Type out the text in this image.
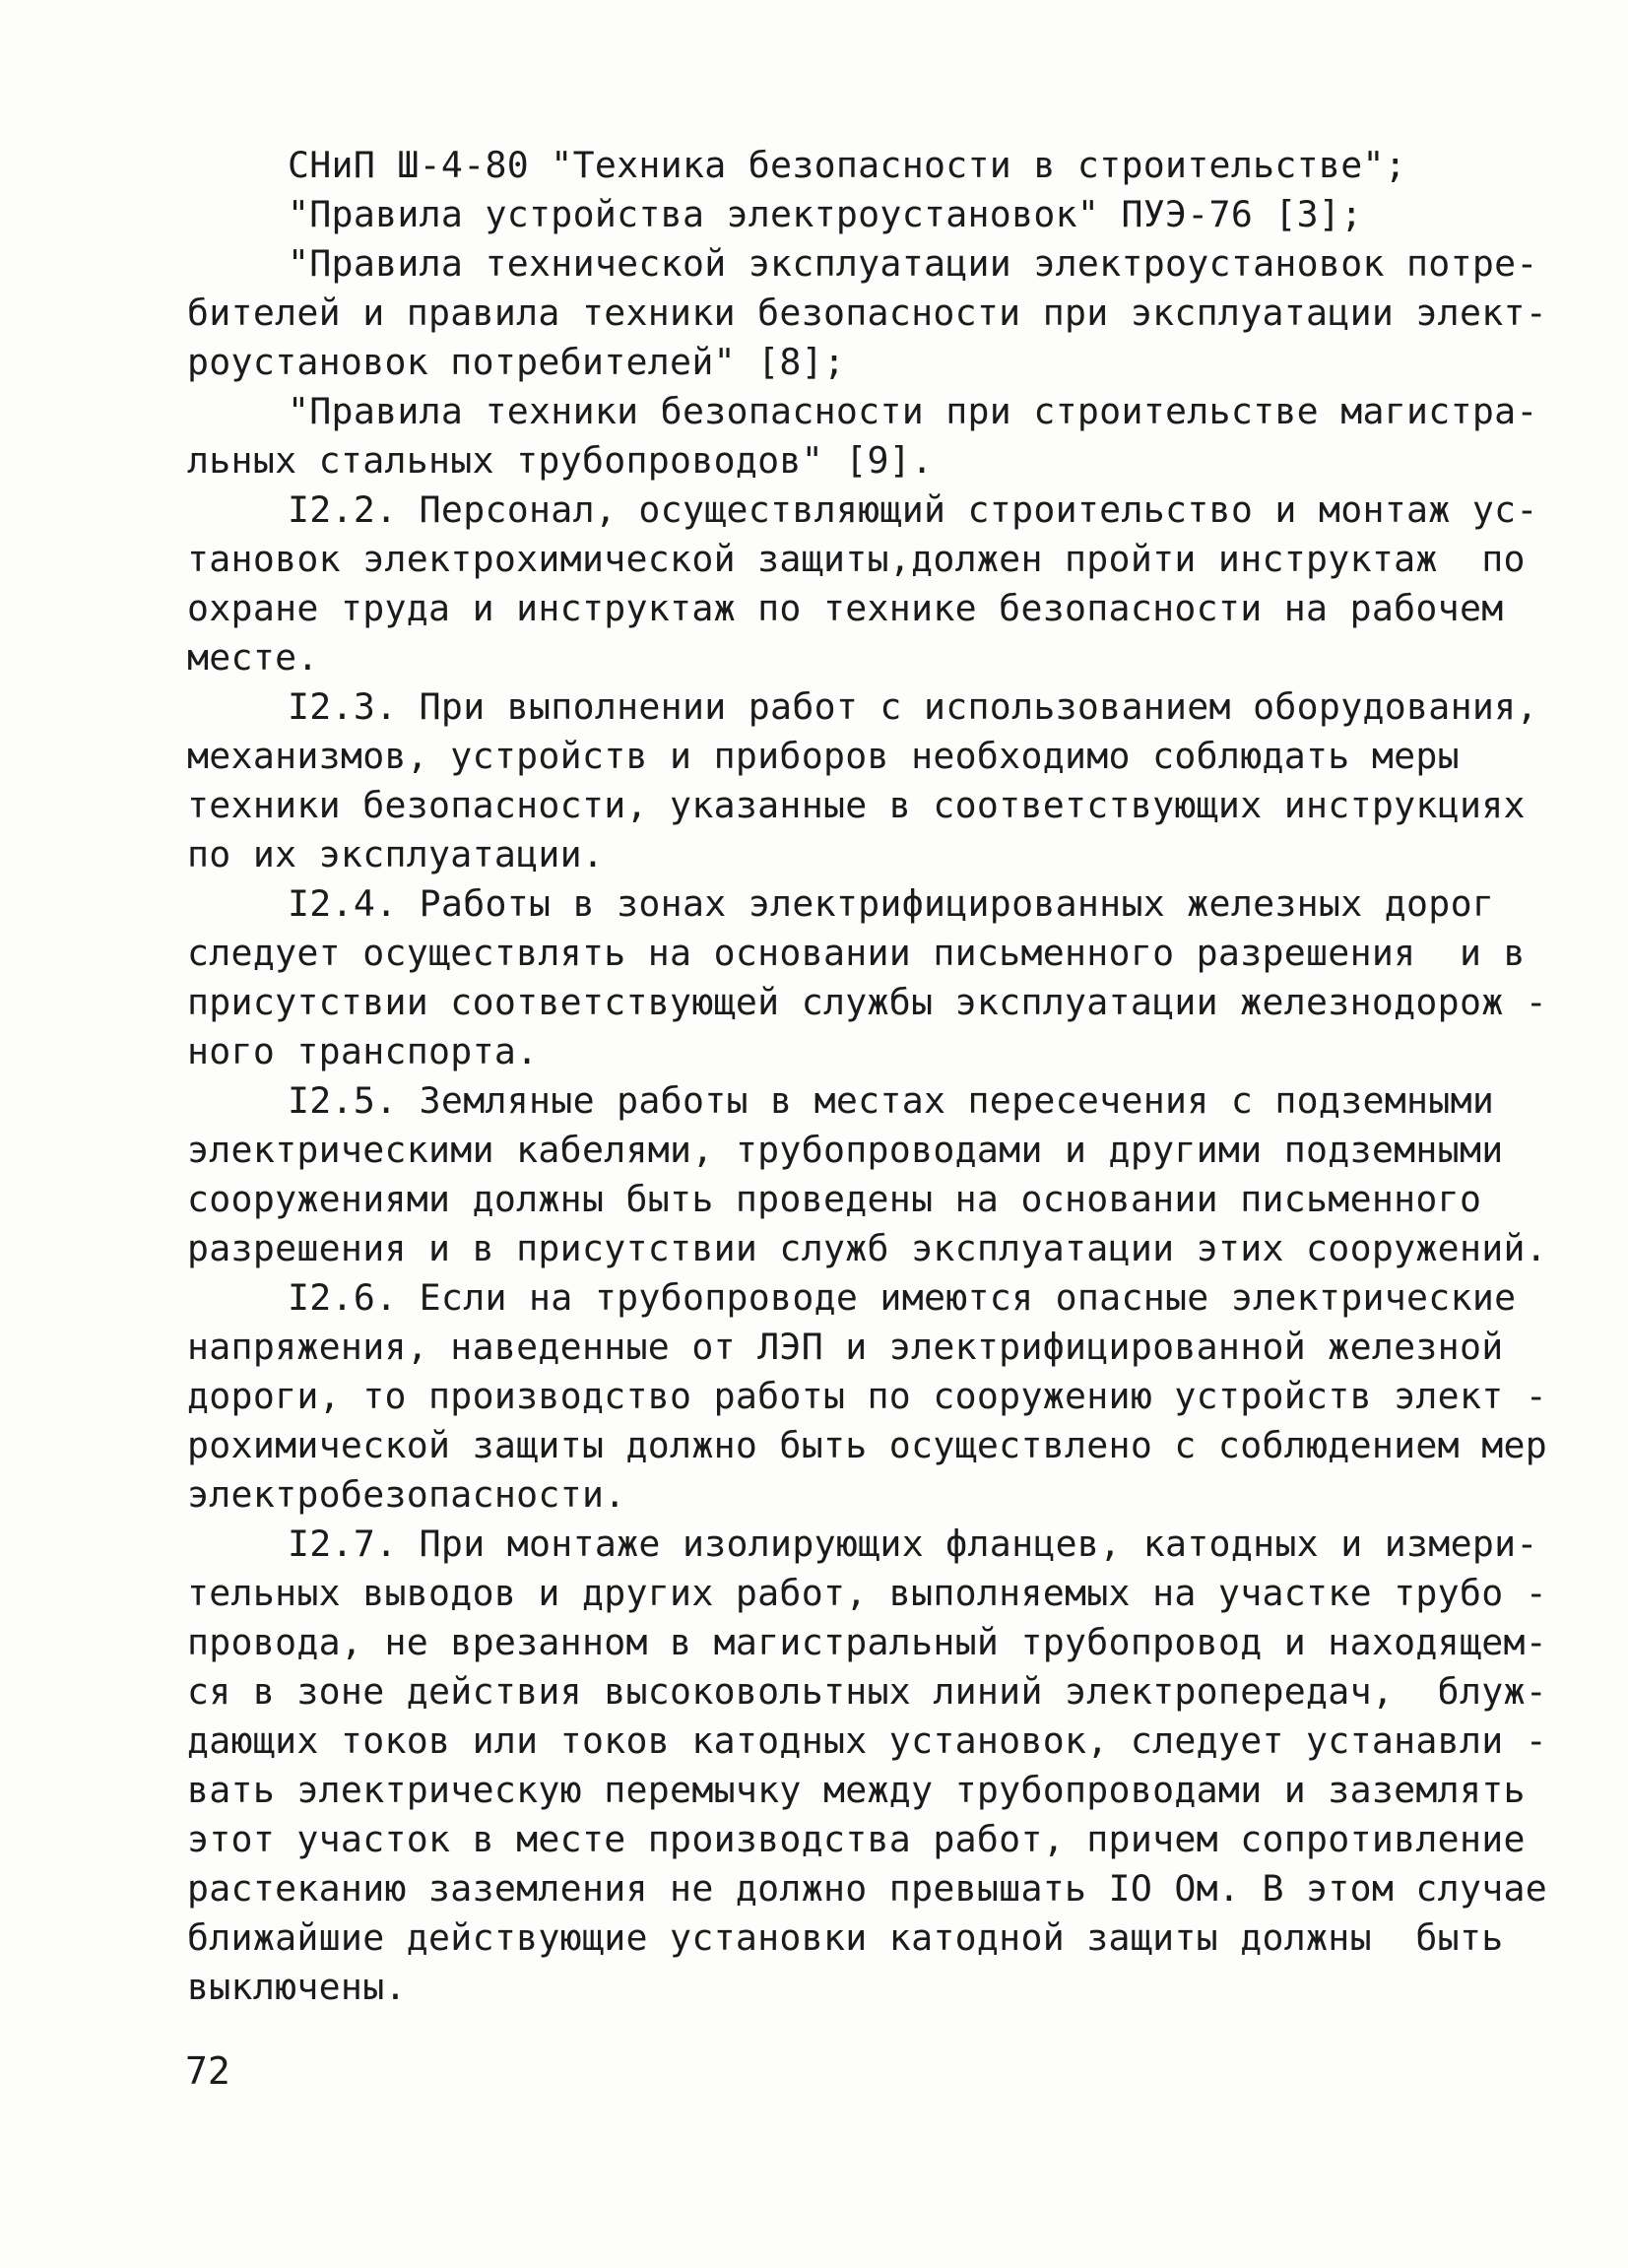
СНиП Ш-4-80 "Техника безопасности в строительстве";
"Правила устройства электроустановок" ПУЭ-76 [3];
"Правила технической эксплуатации электроустановок потре-
бителей и правила техники безопасности при эксплуатации элект-
роустановок потребителей" [8];
"Правила техники безопасности при строительстве магистра-
льных стальных трубопроводов" [9].
I2.2. Персонал, осуществляющий строительство и монтаж ус-
тановок электрохимической защиты,должен пройти инструктаж  по
охране труда и инструктаж по технике безопасности на рабочем
месте.
I2.3. При выполнении работ с использованием оборудования,
механизмов, устройств и приборов необходимо соблюдать меры
техники безопасности, указанные в соответствующих инструкциях
по их эксплуатации.
I2.4. Работы в зонах электрифицированных железных дорог
следует осуществлять на основании письменного разрешения  и в
присутствии соответствующей службы эксплуатации железнодорож -
ного транспорта.
I2.5. Земляные работы в местах пересечения с подземными
электрическими кабелями, трубопроводами и другими подземными
сооружениями должны быть проведены на основании письменного
разрешения и в присутствии служб эксплуатации этих сооружений.
I2.6. Если на трубопроводе имеются опасные электрические
напряжения, наведенные от ЛЭП и электрифицированной железной
дороги, то производство работы по сооружению устройств элект -
рохимической защиты должно быть осуществлено с соблюдением мер
электробезопасности.
I2.7. При монтаже изолирующих фланцев, катодных и измери-
тельных выводов и других работ, выполняемых на участке трубо -
провода, не врезанном в магистральный трубопровод и находящем-
ся в зоне действия высоковольтных линий электропередач,  блуж-
дающих токов или токов катодных установок, следует устанавли -
вать электрическую перемычку между трубопроводами и заземлять
этот участок в месте производства работ, причем сопротивление
растеканию заземления не должно превышать IO Ом. В этом случае
ближайшие действующие установки катодной защиты должны  быть
выключены.
72
